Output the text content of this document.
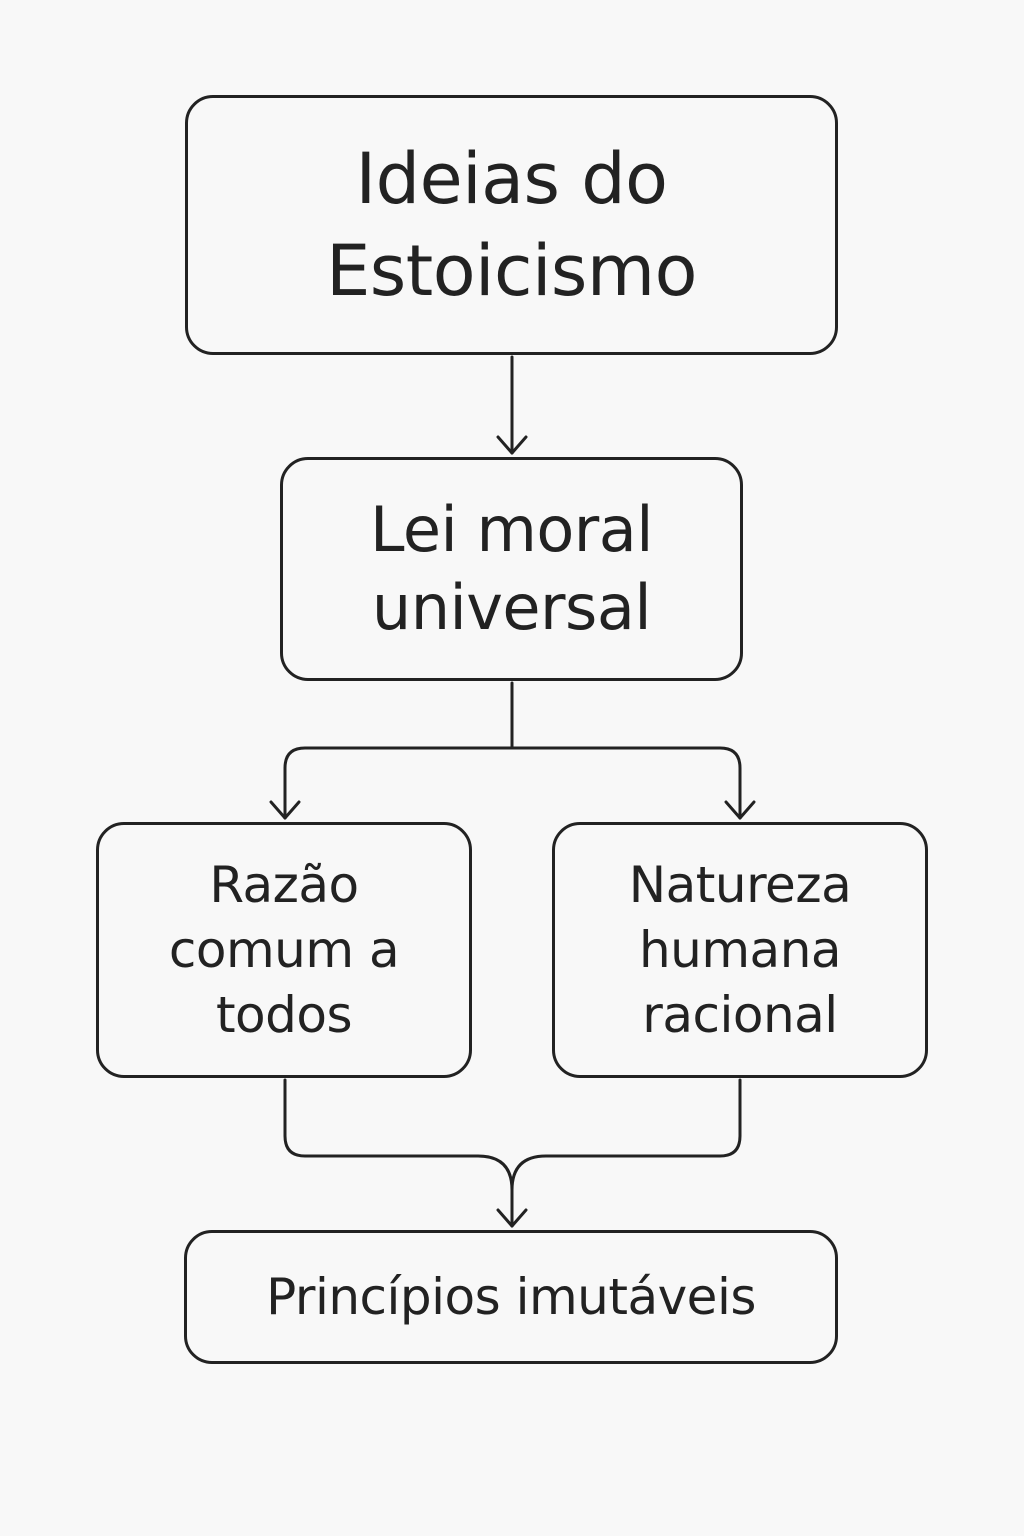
Ideias do Estoicismo
Lei moral universal
Razão comum a todos
Natureza humana racional
Princípios imutáveis
